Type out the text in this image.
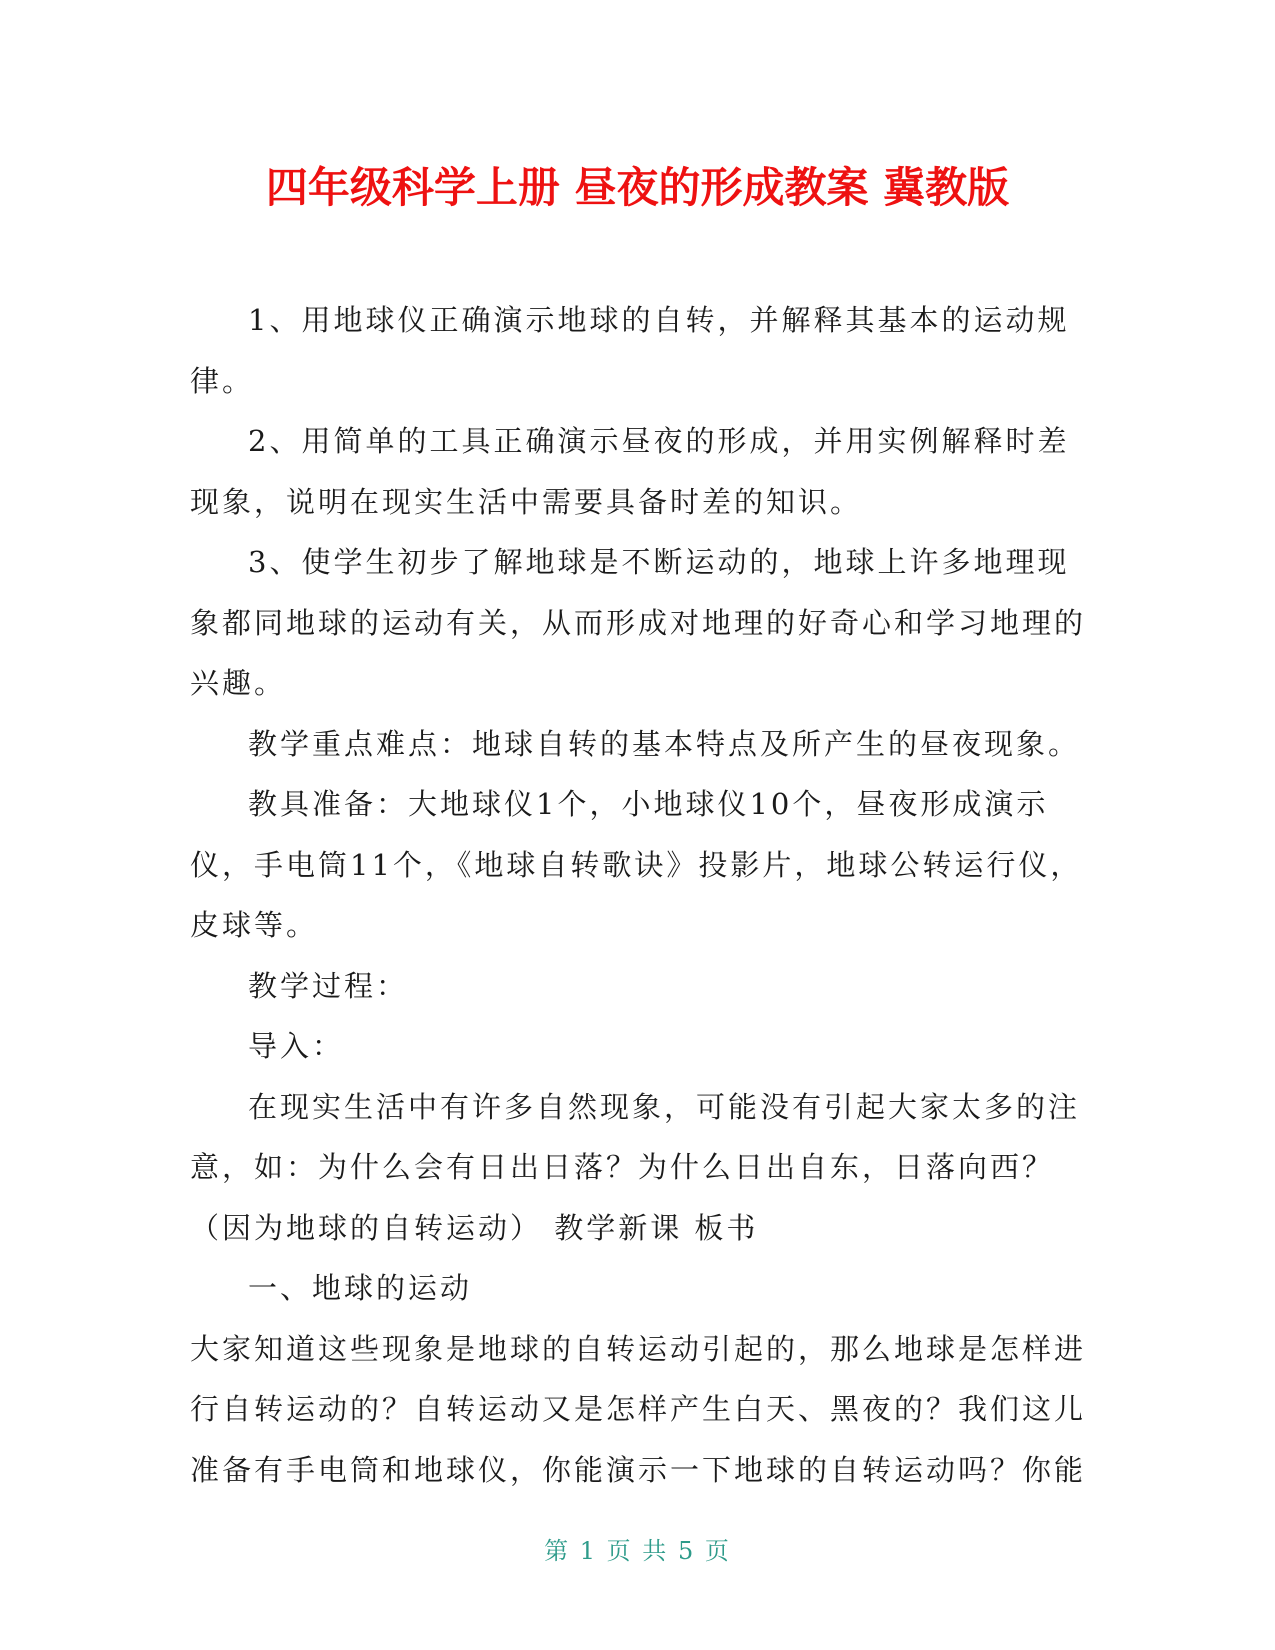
四年级科学上册 昼夜的形成教案 冀教版

1、用地球仪正确演示地球的自转，并解释其基本的运动规律。

2、用简单的工具正确演示昼夜的形成，并用实例解释时差现象，说明在现实生活中需要具备时差的知识。

3、使学生初步了解地球是不断运动的，地球上许多地理现象都同地球的运动有关，从而形成对地理的好奇心和学习地理的兴趣。

教学重点难点：地球自转的基本特点及所产生的昼夜现象。

教具准备：大地球仪1个，小地球仪10个，昼夜形成演示仪，手电筒11个，《地球自转歌诀》投影片，地球公转运行仪，皮球等。

教学过程：

导入：

在现实生活中有许多自然现象，可能没有引起大家太多的注意，如：为什么会有日出日落？为什么日出自东，日落向西？（因为地球的自转运动） 教学新课 板书

一、地球的运动

大家知道这些现象是地球的自转运动引起的，那么地球是怎样进行自转运动的？自转运动又是怎样产生白天、黑夜的？我们这儿准备有手电筒和地球仪，你能演示一下地球的自转运动吗？你能

第 1 页 共 5 页
